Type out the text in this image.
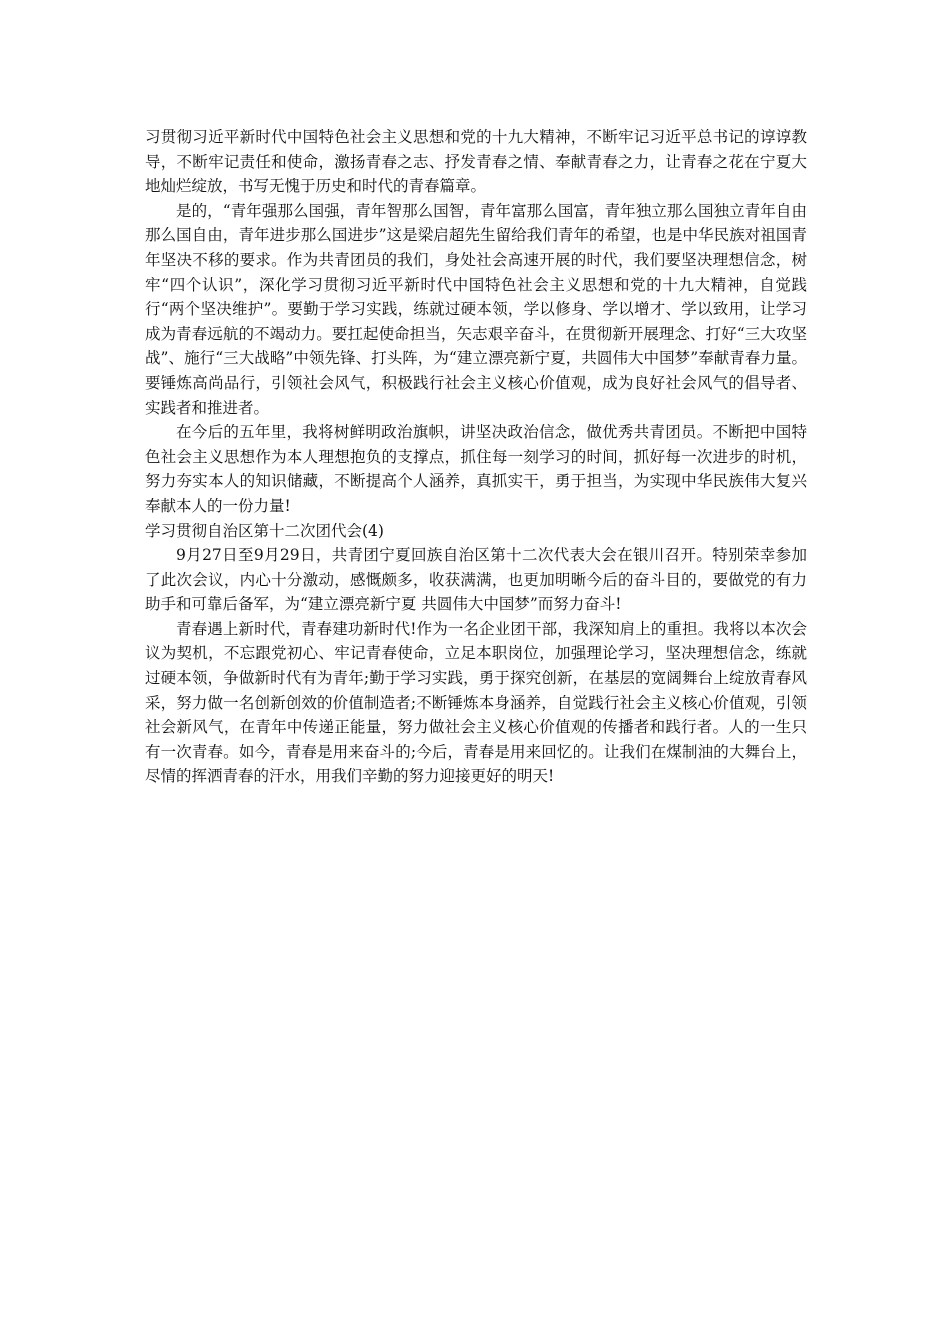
习贯彻习近平新时代中国特色社会主义思想和党的十九大精神，不断牢记习近平总书记的谆谆教导，不断牢记责任和使命，激扬青春之志、抒发青春之情、奉献青春之力，让青春之花在宁夏大地灿烂绽放，书写无愧于历史和时代的青春篇章。

是的，“青年强那么国强，青年智那么国智，青年富那么国富，青年独立那么国独立青年自由那么国自由，青年进步那么国进步”这是梁启超先生留给我们青年的希望，也是中华民族对祖国青年坚决不移的要求。作为共青团员的我们，身处社会高速开展的时代，我们要坚决理想信念，树牢“四个认识”，深化学习贯彻习近平新时代中国特色社会主义思想和党的十九大精神，自觉践行“两个坚决维护”。要勤于学习实践，练就过硬本领，学以修身、学以增才、学以致用，让学习成为青春远航的不竭动力。要扛起使命担当，矢志艰辛奋斗，在贯彻新开展理念、打好“三大攻坚战”、施行“三大战略”中领先锋、打头阵，为“建立漂亮新宁夏，共圆伟大中国梦”奉献青春力量。要锤炼高尚品行，引领社会风气，积极践行社会主义核心价值观，成为良好社会风气的倡导者、实践者和推进者。

在今后的五年里，我将树鲜明政治旗帜，讲坚决政治信念，做优秀共青团员。不断把中国特色社会主义思想作为本人理想抱负的支撑点，抓住每一刻学习的时间，抓好每一次进步的时机，努力夯实本人的知识储藏，不断提高个人涵养，真抓实干，勇于担当，为实现中华民族伟大复兴奉献本人的一份力量!

学习贯彻自治区第十二次团代会(4)

9月27日至9月29日，共青团宁夏回族自治区第十二次代表大会在银川召开。特别荣幸参加了此次会议，内心十分激动，感慨颇多，收获满满，也更加明晰今后的奋斗目的，要做党的有力助手和可靠后备军，为“建立漂亮新宁夏 共圆伟大中国梦”而努力奋斗!

青春遇上新时代，青春建功新时代!作为一名企业团干部，我深知肩上的重担。我将以本次会议为契机，不忘跟党初心、牢记青春使命，立足本职岗位，加强理论学习，坚决理想信念，练就过硬本领，争做新时代有为青年;勤于学习实践，勇于探究创新，在基层的宽阔舞台上绽放青春风采，努力做一名创新创效的价值制造者;不断锤炼本身涵养，自觉践行社会主义核心价值观，引领社会新风气，在青年中传递正能量，努力做社会主义核心价值观的传播者和践行者。人的一生只有一次青春。如今，青春是用来奋斗的;今后，青春是用来回忆的。让我们在煤制油的大舞台上，尽情的挥洒青春的汗水，用我们辛勤的努力迎接更好的明天!
